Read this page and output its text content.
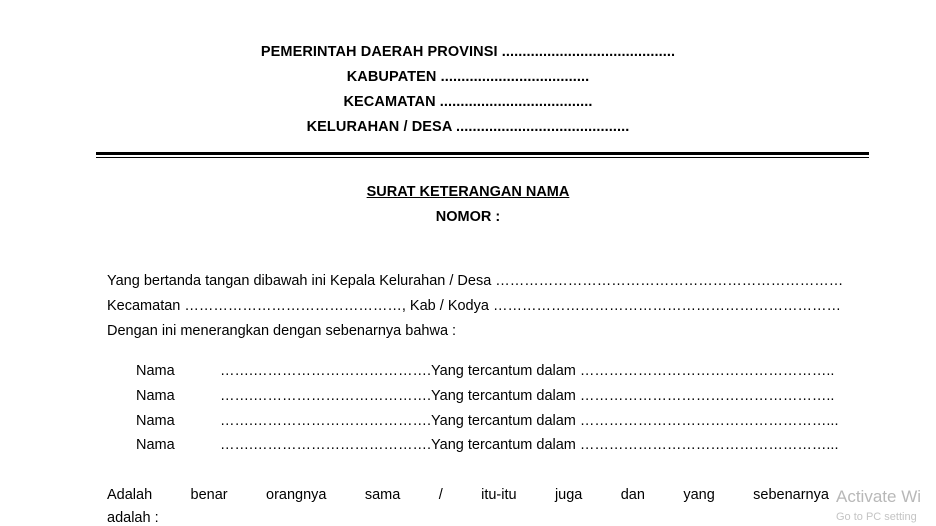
PEMERINTAH DAERAH PROVINSI ..........................................
KABUPATEN ....................................
KECAMATAN .....................................
KELURAHAN / DESA ..........................................
SURAT KETERANGAN NAMA
NOMOR :
Yang bertanda tangan dibawah ini Kepala Kelurahan / Desa ………………………………………………………………
Kecamatan ………………………………………, Kab / Kodya ………………………………………………………………
Dengan ini menerangkan dengan sebenarnya bahwa :
Nama	…….……………………………….Yang tercantum dalam ……………………………………………..
Nama	…….……………………………….Yang tercantum dalam ……………………………………………..
Nama	…….……………………………….Yang tercantum dalam ……………………………………………...
Nama	…….……………………………….Yang tercantum dalam ……………………………………………...
Adalah	benar	orangnya	sama	/	itu-itu	juga	dan	yang	sebenarnya
adalah :
Activate Wi
Go to PC setting
